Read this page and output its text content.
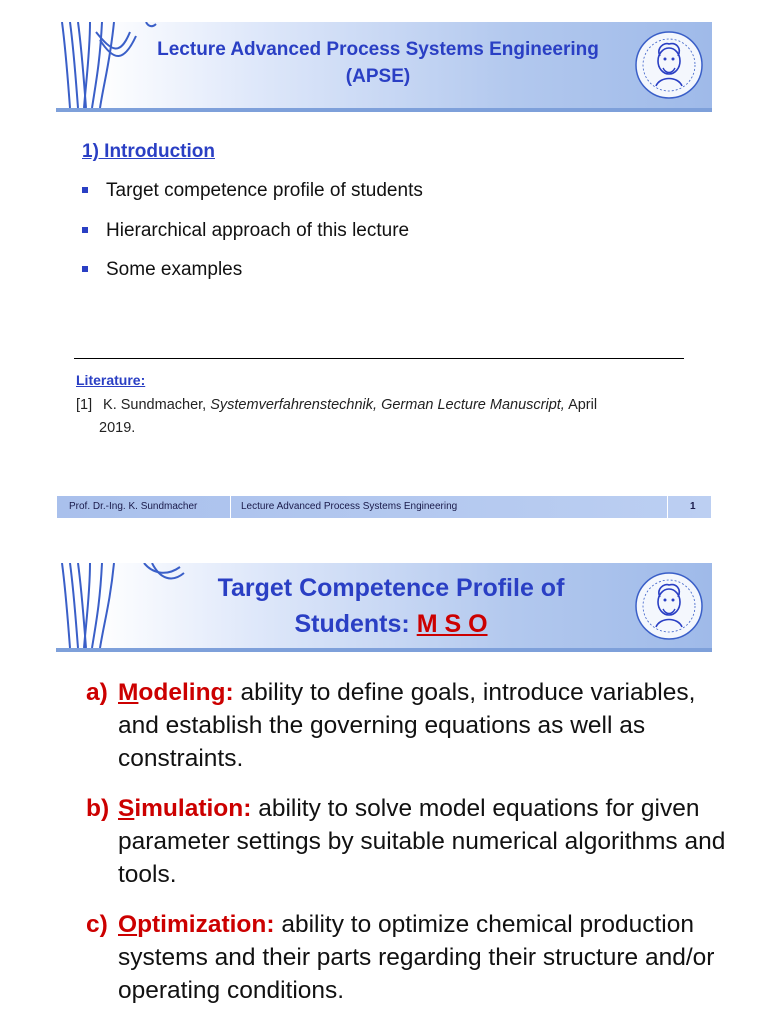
Lecture Advanced Process Systems Engineering
(APSE)
1) Introduction
Target competence profile of students
Hierarchical approach of this lecture
Some examples
Literature:
[1] K. Sundmacher, Systemverfahrenstechnik, German Lecture Manuscript, April
2019.
Prof. Dr.-Ing. K. Sundmacher	Lecture Advanced Process Systems Engineering	1
Target Competence Profile of
Students: M S O
a) Modeling: ability to define goals, introduce variables, and establish the governing equations as well as constraints.
b) Simulation: ability to solve model equations for given parameter settings by suitable numerical algorithms and tools.
c) Optimization: ability to optimize chemical production systems and their parts regarding their structure and/or operating conditions.
